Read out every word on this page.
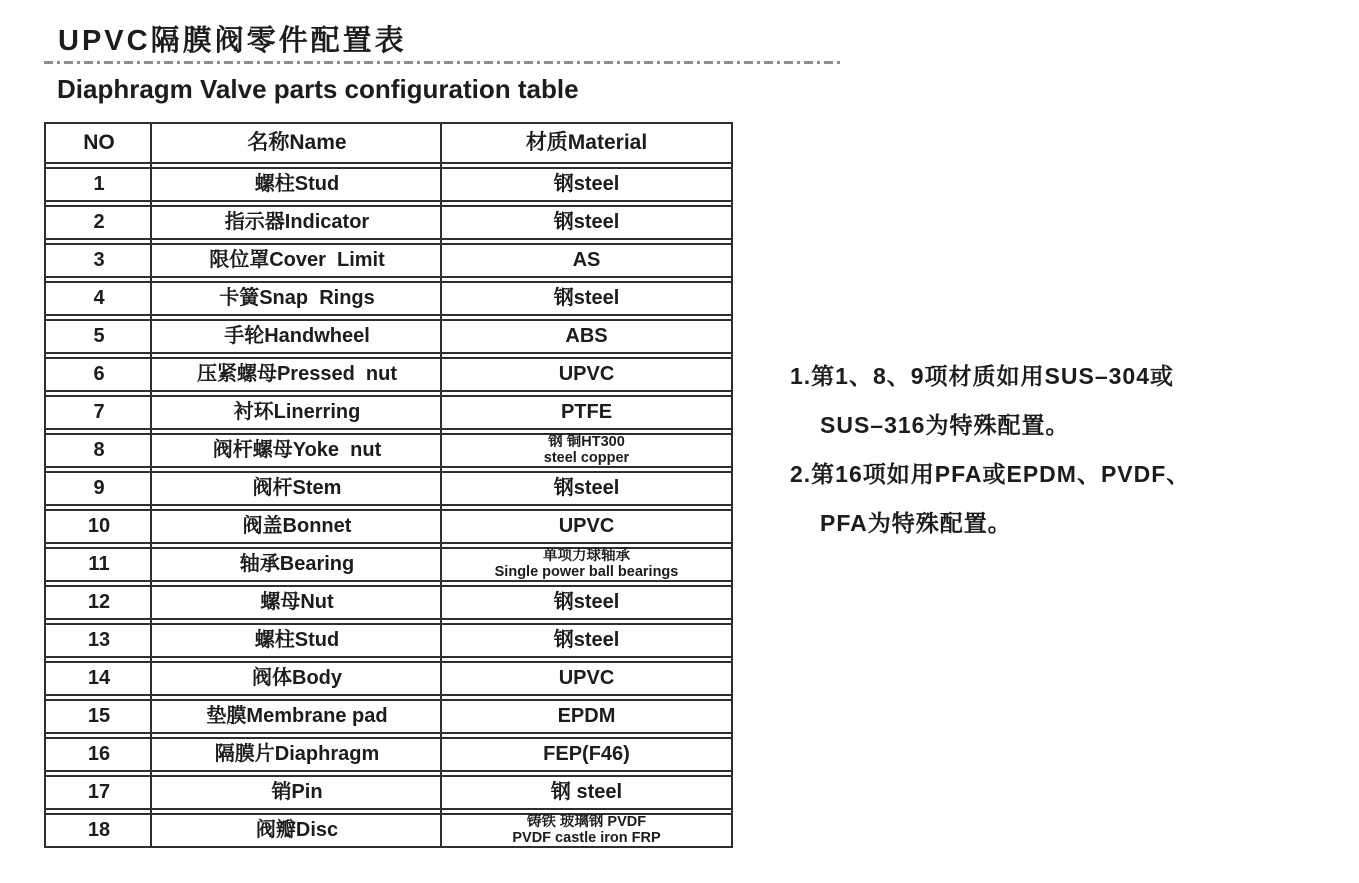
UPVC隔膜阀零件配置表
Diaphragm Valve parts configuration table
NO	名称Name	材质Material
1	螺柱Stud	钢steel
2	指示器Indicator	钢steel
3	限位罩Cover  Limit	AS
4	卡簧Snap  Rings	钢steel
5	手轮Handwheel	ABS
6	压紧螺母Pressed  nut	UPVC
7	衬环Linerring	PTFE
8	阀杆螺母Yoke  nut	钢 铜HT300
steel copper
9	阀杆Stem	钢steel
10	阀盖Bonnet	UPVC
11	轴承Bearing	单项力球轴承
Single power ball bearings
12	螺母Nut	钢steel
13	螺柱Stud	钢steel
14	阀体Body	UPVC
15	垫膜Membrane pad	EPDM
16	隔膜片Diaphragm	FEP(F46)
17	销Pin	钢 steel
18	阀瓣Disc	铸铁 玻璃钢 PVDF
PVDF castle iron FRP
1.第1、8、9项材质如用SUS–304或
SUS–316为特殊配置。
2.第16项如用PFA或EPDM、PVDF、
PFA为特殊配置。
